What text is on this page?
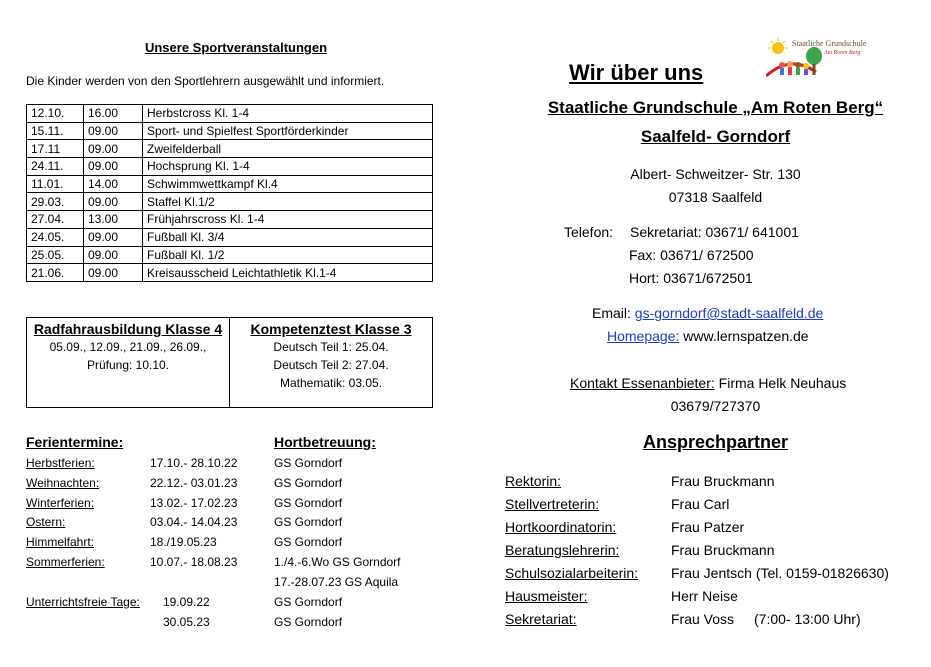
Unsere Sportveranstaltungen
Die Kinder werden von den Sportlehrern ausgewählt und informiert.
12.10.	16.00	Herbstcross Kl. 1-4
15.11.	09.00	Sport- und Spielfest Sportförderkinder
17.11	09.00	Zweifelderball
24.11.	09.00	Hochsprung Kl. 1-4
11.01.	14.00	Schwimmwettkampf Kl.4
29.03.	09.00	Staffel Kl.1/2
27.04.	13.00	Frühjahrscross Kl. 1-4
24.05.	09.00	Fußball Kl. 3/4
25.05.	09.00	Fußball Kl. 1/2
21.06.	09.00	Kreisausscheid Leichtathletik Kl.1-4
Radfahrausbildung Klasse 4
05.09., 12.09., 21.09., 26.09.,
Prüfung: 10.10.
Kompetenztest Klasse 3
Deutsch Teil 1: 25.04.
Deutsch Teil 2: 27.04.
Mathematik: 03.05.
Ferientermine:	Hortbetreuung:
Herbstferien:	17.10.- 28.10.22	GS Gorndorf
Weihnachten:	22.12.- 03.01.23	GS Gorndorf
Winterferien:	13.02.- 17.02.23	GS Gorndorf
Ostern:	03.04.- 14.04.23	GS Gorndorf
Himmelfahrt:	18./19.05.23	GS Gorndorf
Sommerferien:	10.07.- 18.08.23	1./4.-6.Wo GS Gorndorf
17.-28.07.23 GS Aquila
Unterrichtsfreie Tage: 19.09.22	GS Gorndorf
30.05.23	GS Gorndorf
Staatliche Grundschule
Am Roten Berg
Wir über uns
Staatliche Grundschule „Am Roten Berg“
Saalfeld- Gorndorf
Albert- Schweitzer- Str. 130
07318 Saalfeld
Telefon: Sekretariat: 03671/ 641001
Fax: 03671/ 672500
Hort: 03671/672501
Email: gs-gorndorf@stadt-saalfeld.de
Homepage: www.lernspatzen.de
Kontakt Essenanbieter: Firma Helk Neuhaus
03679/727370
Ansprechpartner
Rektorin:	Frau Bruckmann
Stellvertreterin:	Frau Carl
Hortkoordinatorin:	Frau Patzer
Beratungslehrerin:	Frau Bruckmann
Schulsozialarbeiterin: Frau Jentsch (Tel. 0159-01826630)
Hausmeister:	Herr Neise
Sekretariat:	Frau Voss (7:00- 13:00 Uhr)
